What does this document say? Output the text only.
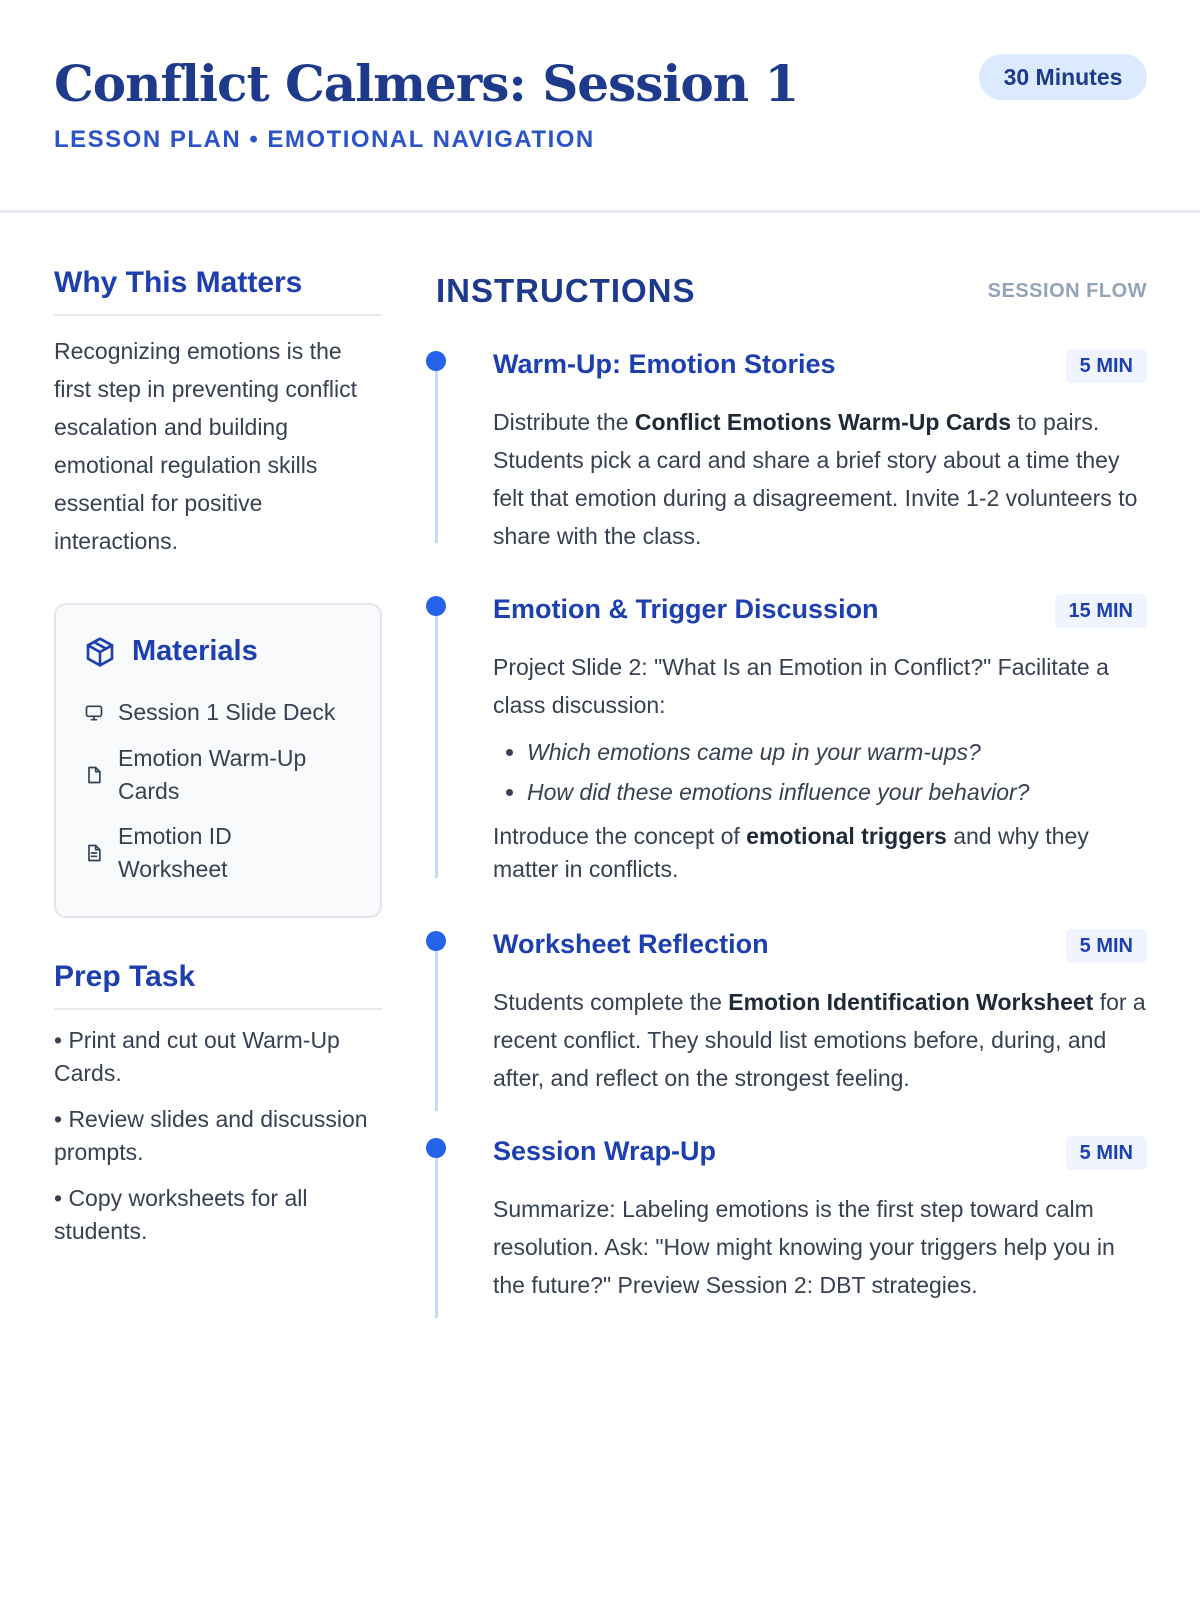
Conflict Calmers: Session 1
LESSON PLAN • EMOTIONAL NAVIGATION
30 Minutes
Why This Matters
Recognizing emotions is the first step in preventing conflict escalation and building emotional regulation skills essential for positive interactions.
Materials
Session 1 Slide Deck
Emotion Warm-Up Cards
Emotion ID Worksheet
Prep Task
• Print and cut out Warm-Up Cards.
• Review slides and discussion prompts.
• Copy worksheets for all students.
INSTRUCTIONS	SESSION FLOW
Warm-Up: Emotion Stories	5 MIN
Distribute the Conflict Emotions Warm-Up Cards to pairs. Students pick a card and share a brief story about a time they felt that emotion during a disagreement. Invite 1-2 volunteers to share with the class.
Emotion & Trigger Discussion	15 MIN
Project Slide 2: "What Is an Emotion in Conflict?" Facilitate a class discussion:
• Which emotions came up in your warm-ups?
• How did these emotions influence your behavior?
Introduce the concept of emotional triggers and why they matter in conflicts.
Worksheet Reflection	5 MIN
Students complete the Emotion Identification Worksheet for a recent conflict. They should list emotions before, during, and after, and reflect on the strongest feeling.
Session Wrap-Up	5 MIN
Summarize: Labeling emotions is the first step toward calm resolution. Ask: "How might knowing your triggers help you in the future?" Preview Session 2: DBT strategies.
